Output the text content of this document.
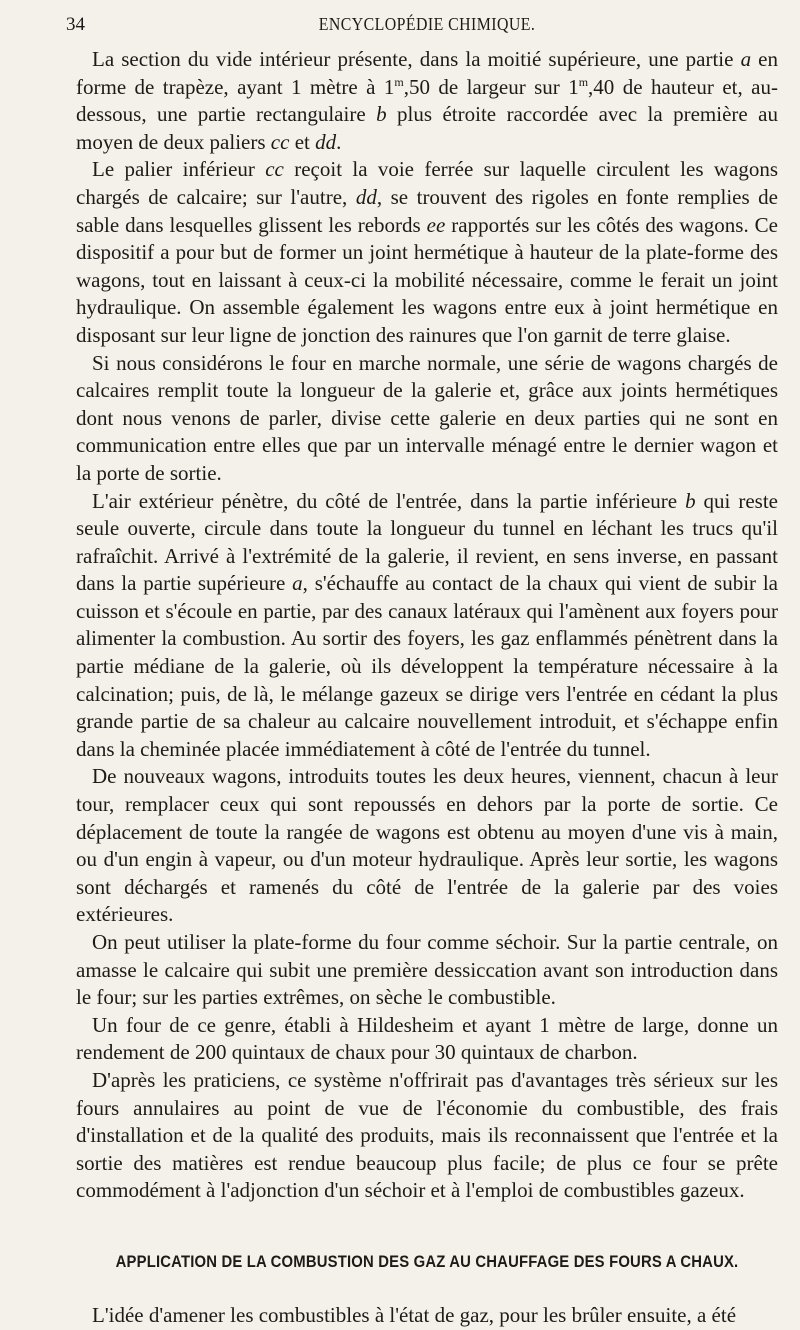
34	ENCYCLOPÉDIE CHIMIQUE.

La section du vide intérieur présente, dans la moitié supérieure, une partie a en forme de trapèze, ayant 1 mètre à 1$^m$,50 de largeur sur 1$^m$,40 de hauteur et, au-dessous, une partie rectangulaire b plus étroite raccordée avec la première au moyen de deux paliers cc et dd.

Le palier inférieur cc reçoit la voie ferrée sur laquelle circulent les wagons chargés de calcaire; sur l'autre, dd, se trouvent des rigoles en fonte remplies de sable dans lesquelles glissent les rebords ee rapportés sur les côtés des wagons. Ce dispositif a pour but de former un joint hermétique à hauteur de la plate-forme des wagons, tout en laissant à ceux-ci la mobilité nécessaire, comme le ferait un joint hydraulique. On assemble également les wagons entre eux à joint hermétique en disposant sur leur ligne de jonction des rainures que l'on garnit de terre glaise.

Si nous considérons le four en marche normale, une série de wagons chargés de calcaires remplit toute la longueur de la galerie et, grâce aux joints hermétiques dont nous venons de parler, divise cette galerie en deux parties qui ne sont en communication entre elles que par un intervalle ménagé entre le dernier wagon et la porte de sortie.

L'air extérieur pénètre, du côté de l'entrée, dans la partie inférieure b qui reste seule ouverte, circule dans toute la longueur du tunnel en léchant les trucs qu'il rafraîchit. Arrivé à l'extrémité de la galerie, il revient, en sens inverse, en passant dans la partie supérieure a, s'échauffe au contact de la chaux qui vient de subir la cuisson et s'écoule en partie, par des canaux latéraux qui l'amènent aux foyers pour alimenter la combustion. Au sortir des foyers, les gaz enflammés pénètrent dans la partie médiane de la galerie, où ils développent la température nécessaire à la calcination; puis, de là, le mélange gazeux se dirige vers l'entrée en cédant la plus grande partie de sa chaleur au calcaire nouvellement introduit, et s'échappe enfin dans la cheminée placée immédiatement à côté de l'entrée du tunnel.

De nouveaux wagons, introduits toutes les deux heures, viennent, chacun à leur tour, remplacer ceux qui sont repoussés en dehors par la porte de sortie. Ce déplacement de toute la rangée de wagons est obtenu au moyen d'une vis à main, ou d'un engin à vapeur, ou d'un moteur hydraulique. Après leur sortie, les wagons sont déchargés et ramenés du côté de l'entrée de la galerie par des voies extérieures.

On peut utiliser la plate-forme du four comme séchoir. Sur la partie centrale, on amasse le calcaire qui subit une première dessiccation avant son introduction dans le four; sur les parties extrêmes, on sèche le combustible.

Un four de ce genre, établi à Hildesheim et ayant 1 mètre de large, donne un rendement de 200 quintaux de chaux pour 30 quintaux de charbon.

D'après les praticiens, ce système n'offrirait pas d'avantages très sérieux sur les fours annulaires au point de vue de l'économie du combustible, des frais d'installation et de la qualité des produits, mais ils reconnaissent que l'entrée et la sortie des matières est rendue beaucoup plus facile; de plus ce four se prête commodément à l'adjonction d'un séchoir et à l'emploi de combustibles gazeux.

APPLICATION DE LA COMBUSTION DES GAZ AU CHAUFFAGE DES FOURS A CHAUX.

L'idée d'amener les combustibles à l'état de gaz, pour les brûler ensuite, a été
